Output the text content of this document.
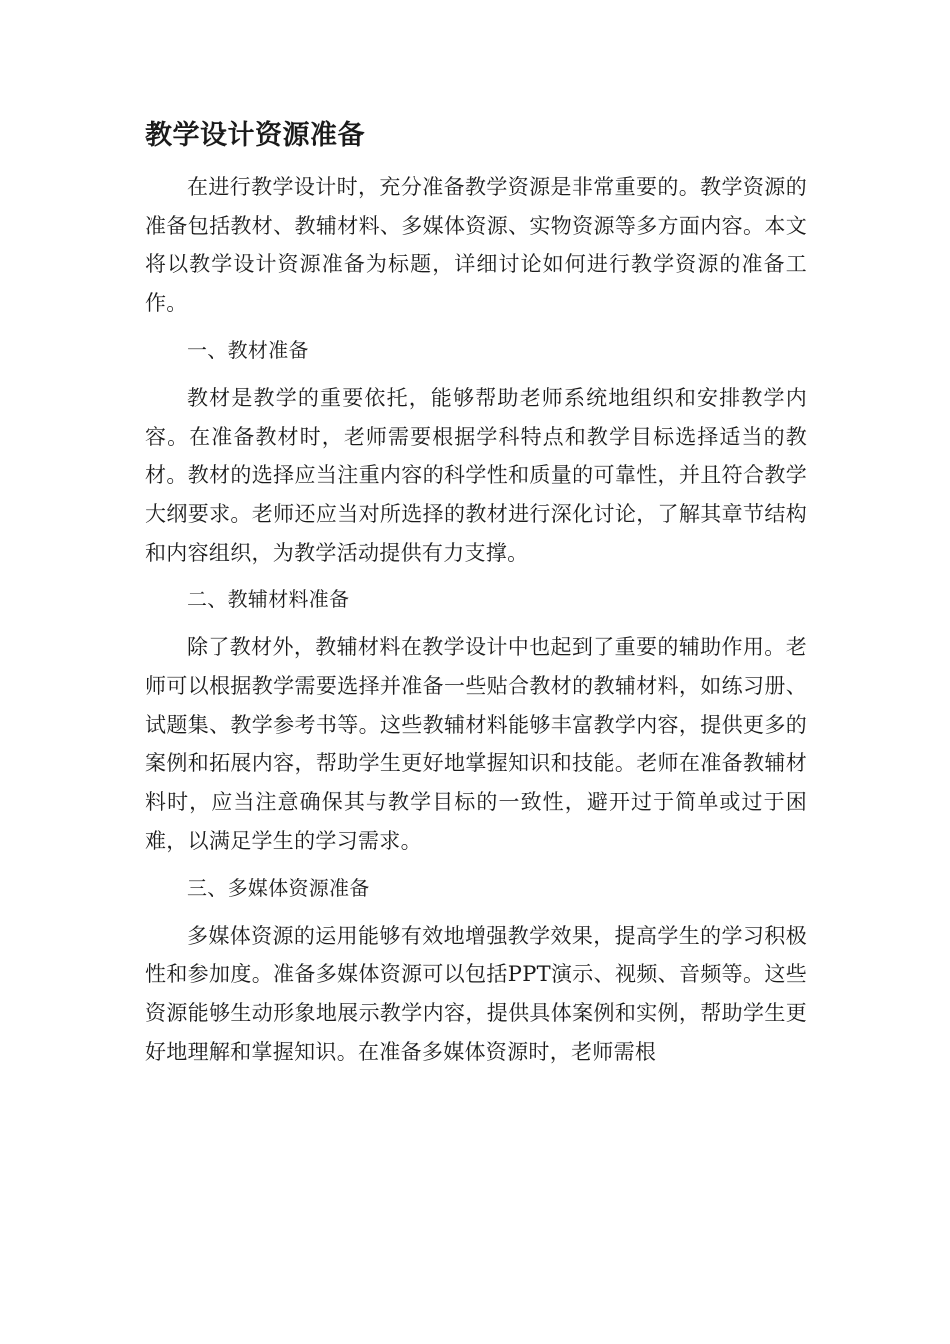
教学设计资源准备

在进行教学设计时，充分准备教学资源是非常重要的。教学资源的准备包括教材、教辅材料、多媒体资源、实物资源等多方面内容。本文将以教学设计资源准备为标题，详细讨论如何进行教学资源的准备工作。

一、教材准备

教材是教学的重要依托，能够帮助老师系统地组织和安排教学内容。在准备教材时，老师需要根据学科特点和教学目标选择适当的教材。教材的选择应当注重内容的科学性和质量的可靠性，并且符合教学大纲要求。老师还应当对所选择的教材进行深化讨论，了解其章节结构和内容组织，为教学活动提供有力支撑。

二、教辅材料准备

除了教材外，教辅材料在教学设计中也起到了重要的辅助作用。老师可以根据教学需要选择并准备一些贴合教材的教辅材料，如练习册、试题集、教学参考书等。这些教辅材料能够丰富教学内容，提供更多的案例和拓展内容，帮助学生更好地掌握知识和技能。老师在准备教辅材料时，应当注意确保其与教学目标的一致性，避开过于简单或过于困难，以满足学生的学习需求。

三、多媒体资源准备

多媒体资源的运用能够有效地增强教学效果，提高学生的学习积极性和参加度。准备多媒体资源可以包括PPT演示、视频、音频等。这些资源能够生动形象地展示教学内容，提供具体案例和实例，帮助学生更好地理解和掌握知识。在准备多媒体资源时，老师需根
